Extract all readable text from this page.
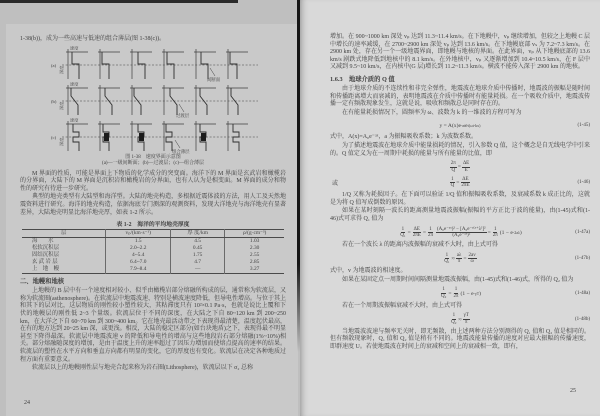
1-38(b))，成为一些高速与低速的组合薄层(图 1-38(c))。

(a)
速度
深度
间断面
(b)
速度
深度
过渡层
(c)
速度
深度
组合薄层
图 1-38　速度界面示意图
(a)—一级间断面；(b)—过渡层；(c)—组合薄层

M 界面的性质，可能是界面上下物质的化学成分的突变面。海洋下的 M 界面是玄武岩和橄榄岩的分界面，大陆下的 M 界面是沉积岩和橄榄岩的分界面，也有人认为是相变面。M 界面的成分和物性的研究有待进一步研究。

典型的地壳类型有大陆型和海洋型。大陆的地壳构造，多根据近震体波的方法，用人工及天然地震资料进行研究。海洋的地壳构造，依据海底专门测深的观测资料，发现大洋地壳与海洋地壳有显著差异，大陆地壳明显比海洋地壳厚，如表 1-2 所示。

表 1-2　海洋的平均地壳厚度
层	vₚ/(km·s⁻¹)	厚 度/km	ρ/(g·cm⁻³)
海　　水	1.5	4.5	1.03
松软沉积层	2.0~2.2	0.45	2.30
固结沉积层	4~5.4	1.75	2.55
玄 武 岩 层	6.4~7.0	4.7	2.85
上　地　幔	7.9~8.4	—	3.27
二、地幔和地核

上地幔的 B 层中有一个速度相对较小、似乎由橄榄岩部分熔融所构成的层，通常称为软流层，又称为软流圈(asthenosphere)。在软流层中地震波速、特别是横波速度降低，但导电性增高。与位于其上和其下的层对比，这层物质的刚性较小塑性较大，其粘滞度只有 10²×0.1 Pa·s，也就是说比上覆和下伏的地幔层的刚性低 2~3 个量级。软流层位于不同的深度，在大陆之下自 80~120 km 到 200~250 km，在大洋之下自 60~70 km 到 300~400 km。它在地壳最活动带之下表现得最清楚，温度起伏最高，在有的地方达到 20~25 km 深，或更浅。相反，大陆的稳定区部分(如台块地盾)之下，表现得最不明显甚至下降得最深。软流层中地震波速 v 的降低和导电性的增高与这些地段岩石部分熔融(1%~10%)相关。部分熔融随深度的增加，是由于温度上升的速率超过了因压力增加而使熔点提高的速率的结果。软流层的塑性在水平方向和垂直方向都有明显的变化，它的厚度也有变化。软流层在决定各种地质过程方面有重要意义。

软流层以上的地幔刚性层与地壳合起来称为岩石圈(Lithosphere)，软流层以下 σ₂ 总称

24

增加。在 900~1000 km 深处 vₚ 达到 11.3~11.4 km/s。在下地幔中，vₚ 继续增加，但较之上地幔 C 层中增长的速率减缓，在 2700~2900 km 深处 vₚ 达到 13.6 km/s。在下地幔底部 vₛ 为 7.2~7.3 km/s。在 2900 km 处，存在另一个一级地震界面，即地幔与地核的界面。在此界面，vₚ 从下地幔底部的 13.6 km/s 剧跌式地降低到地核中的 8.1 km/s。在外地核中，vₚ 又逐渐增加到 10.4~10.5 km/s，在 F 层中又减到 9.5~10 km/s，在内核中(G 层)增长到 11.2~11.3 km/s。横波不能传入深于 2900 km 的地核。

1.6.3　地球介质的 Q 值

由于地球介质的不连续性和非完全弹性，地震波在地球介质中传播时，地震波的振幅是随时间和传播距离增大而衰减的，表明地震波在介质中传播时有能量耗损。在一个吸收介质中，地震波传播一定有频散现象发生，这就是说，吸收和频散总是同时存在的。

在有能量耗损情况下，圆频率为 ω、波数为 k 的一维波的方程可写为

y = A(x)e -at e i(ωt-kx)	(1-45)

式中，A(x)=A₀e⁻ᵃˣ，a 为振幅吸收系数；k 为波数系数。

为了描述地震波在地球介质中能量损耗的情况，引入参数 Q 值，这个概念是自无线电学中引来的。Q 值定义为在一周期中耗损的能量与所有能量的比值，即

$\frac{2\pi}{Q} = \frac{\Delta E}{E}$
或	$\frac{1}{Q} = \frac{\Delta E}{2\pi E}$	(1-46)

1/Q 又称为耗损因子。在下面可以验证 1/Q 值和振幅吸收系数，及衰减系数 k 成正比的，这就是为将 Q 值写成倒数的原因。

如果在某时刻隔一波长的距离测量地震波振幅(振幅的平方正比于波的能量)，由(1-45)式和(1-46)式可求得 Q₁ 值为

$\frac{1}{\text{Q₁}} = \frac{\Delta E}{2\pi E} = \frac{1}{2\pi} \frac{\text{(A₀e⁻ᵃˣ)² − [A₀e⁻ᵃ⁽ˣ⁺λ⁾]²}}{\text{(A₀e⁻ᵃˣ)²}} = \frac{1}{2\pi} (1 - e$ -2aλ )	(1-47a)

若在一个波长 λ 的距离内波振幅的衰减不大时，由上式可得

$\frac{1}{\text{Q₁}} \approx \frac{a\lambda}{\pi} = \frac{2av}{\omega}$	(1-47b)

式中，v 为地震波的相速度。

如果在某固定点一周期时间间隔测量地震波振幅，由(1-45)式和(1-46)式，所得的 Q₂ 值为

$\frac{1}{\text{Q₂}} = \frac{1}{2\pi} (1 - e$ -γT )	(1-48a)

若在一个周期波振幅衰减不大时，由上式可得

$\frac{1}{\text{Q₂}} \approx \frac{\gamma T}{\pi}$	(1-48b)

当地震波波速与频率无关时，即无频散，由上述两种方法分别测得的 Q₁ 值和 Q₂ 值是相同的。但有频散现象时，Q₁ 值和 Q₂ 值是稍有不同的。地震波能量传播的速度对应最大振幅的传播速度，即群速度 U。若使地震波在时间上的衰减和空间上的衰减相一致，即有，

25
